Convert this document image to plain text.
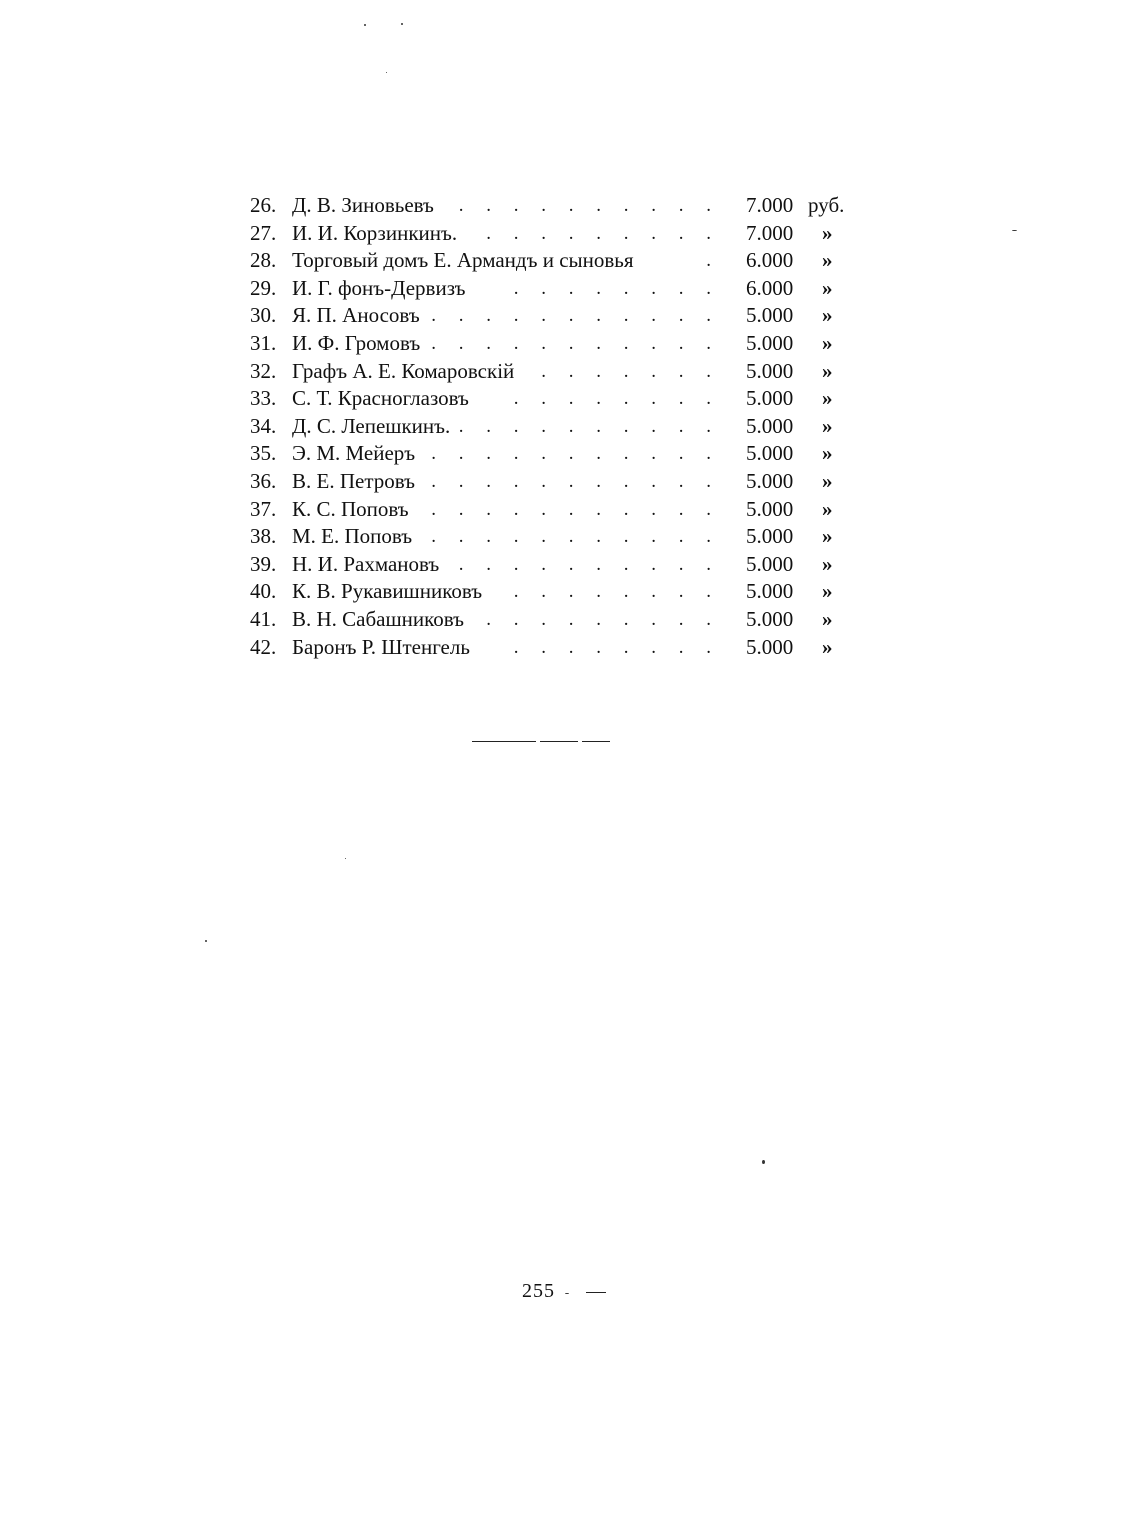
26. Д. В. Зиновьевъ . . . . . . . . . . 7.000 руб.
27. И. И. Корзинкинъ. . . . . . . . . . 7.000 »
28. Торговый домъ Е. Армандъ и сыновья	. 6.000 »
29. И. Г. фонъ-Дервизъ	. . . . . . . . 6.000 »
30. Я. П. Аносовъ . . . . . . . . . . . 5.000 »
31. И. Ф. Громовъ . . . . . . . . . . . 5.000 »
32. Графъ А. Е. Комаровскій . . . . . . . 5.000 »
33. С. Т. Красноглазовъ . . . . . . . . 5.000 »
34. Д. С. Лепешкинъ. . . . . . . . . . . 5.000 »
35. Э. М. Мейеръ . . . . . . . . . . . 5.000 »
36. В. Е. Петровъ . . . . . . . . . . . 5.000 »
37. К. С. Поповъ . . . . . . . . . . . 5.000 »
38. М. Е. Поповъ . . . . . . . . . . . 5.000 »
39. Н. И. Рахмановъ . . . . . . . . . . 5.000 »
40. К. В. Рукавишниковъ . . . . . . . . 5.000 »
41. В. Н. Сабашниковъ . . . . . . . . . 5.000 »
42. Баронъ Р. Штенгель . . . . . . . . 5.000 »
255
